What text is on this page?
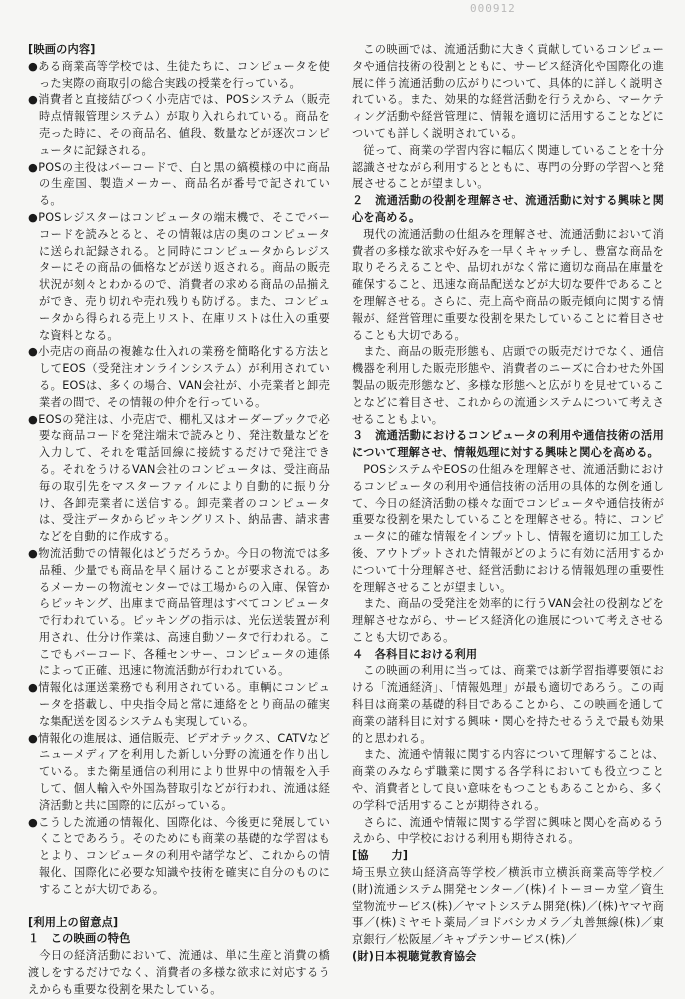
000912

[映画の内容]

●ある商業高等学校では、生徒たちに、コンピュータを使った実際の商取引の総合実践の授業を行っている。

●消費者と直接結びつく小売店では、POSシステム（販売時点情報管理システム）が取り入れられている。商品を売った時に、その商品名、値段、数量などが逐次コンピュータに記録される。

●POSの主役はバーコードで、白と黒の縞模様の中に商品の生産国、製造メーカー、商品名が番号で記されている。

●POSレジスターはコンピュータの端末機で、そこでバーコードを読みとると、その情報は店の奥のコンピュータに送られ記録される。と同時にコンピュータからレジスターにその商品の価格などが送り返される。商品の販売状況が刻々とわかるので、消費者の求める商品の品揃えができ、売り切れや売れ残りも防げる。また、コンピュータから得られる売上リスト、在庫リストは仕入の重要な資料となる。

●小売店の商品の複雑な仕入れの業務を簡略化する方法としてEOS（受発注オンラインシステム）が利用されている。EOSは、多くの場合、VAN会社が、小売業者と卸売業者の間で、その情報の仲介を行っている。

●EOSの発注は、小売店で、棚札又はオーダーブックで必要な商品コードを発注端末で読みとり、発注数量などを入力して、それを電話回線に接続するだけで発注できる。それをうけるVAN会社のコンピュータは、受注商品毎の取引先をマスターファイルにより自動的に振り分け、各卸売業者に送信する。卸売業者のコンピュータは、受注データからピッキングリスト、納品書、請求書などを自動的に作成する。

●物流活動での情報化はどうだろうか。今日の物流では多品種、少量でも商品を早く届けることが要求される。あるメーカーの物流センターでは工場からの入庫、保管からピッキング、出庫まで商品管理はすべてコンピュータで行われている。ピッキングの指示は、光伝送装置が利用され、仕分け作業は、高速自動ソータで行われる。ここでもバーコード、各種センサー、コンピュータの連係によって正確、迅速に物流活動が行われている。

●情報化は運送業務でも利用されている。車輌にコンピュータを搭載し、中央指令局と常に連絡をとり商品の確実な集配送を図るシステムも実現している。

●情報化の進展は、通信販売、ビデオテックス、CATVなどニューメディアを利用した新しい分野の流通を作り出している。また衛星通信の利用により世界中の情報を入手して、個人輸入や外国為替取引などが行われ、流通は経済活動と共に国際的に広がっている。

●こうした流通の情報化、国際化は、今後更に発展していくことであろう。そのためにも商業の基礎的な学習はもとより、コンピュータの利用や諸学など、これからの情報化、国際化に必要な知識や技術を確実に自分のものにすることが大切である。

[利用上の留意点]

１　この映画の特色

今日の経済活動において、流通は、単に生産と消費の橋渡しをするだけでなく、消費者の多様な欲求に対応するうえからも重要な役割を果たしている。

この映画では、流通活動に大きく貢献しているコンピュータや通信技術の役割とともに、サービス経済化や国際化の進展に伴う流通活動の広がりについて、具体的に詳しく説明されている。また、効果的な経営活動を行うえから、マーケティング活動や経営管理に、情報を適切に活用することなどについても詳しく説明されている。

従って、商業の学習内容に幅広く関連していることを十分認識させながら利用するとともに、専門の分野の学習へと発展させることが望ましい。

２　流通活動の役割を理解させ、流通活動に対する興味と関心を高める。

現代の流通活動の仕組みを理解させ、流通活動において消費者の多様な欲求や好みを一早くキャッチし、豊富な商品を取りそろえることや、品切れがなく常に適切な商品在庫量を確保すること、迅速な商品配送などが大切な要件であることを理解させる。さらに、売上高や商品の販売傾向に関する情報が、経営管理に重要な役割を果たしていることに着目させることも大切である。

また、商品の販売形態も、店頭での販売だけでなく、通信機器を利用した販売形態や、消費者のニーズに合わせた外国製品の販売形態など、多様な形態へと広がりを見せていることなどに着目させ、これからの流通システムについて考えさせることもよい。

３　流通活動におけるコンピュータの利用や通信技術の活用について理解させ、情報処理に対する興味と関心を高める。

POSシステムやEOSの仕組みを理解させ、流通活動におけるコンピュータの利用や通信技術の活用の具体的な例を通して、今日の経済活動の様々な面でコンピュータや通信技術が重要な役割を果たしていることを理解させる。特に、コンピュータに的確な情報をインプットし、情報を適切に加工した後、アウトプットされた情報がどのように有効に活用するかについて十分理解させ、経営活動における情報処理の重要性を理解させることが望ましい。

また、商品の受発注を効率的に行うVAN会社の役割などを理解させながら、サービス経済化の進展について考えさせることも大切である。

４　各科目における利用

この映画の利用に当っては、商業では新学習指導要領における「流通経済」、「情報処理」が最も適切であろう。この両科目は商業の基礎的科目であることから、この映画を通して商業の諸科目に対する興味・関心を持たせるうえで最も効果的と思われる。

また、流通や情報に関する内容について理解することは、商業のみならず職業に関する各学科においても役立つことや、消費者として良い意味をもつこともあることから、多くの学科で活用することが期待される。

さらに、流通や情報に関する学習に興味と関心を高めるうえから、中学校における利用も期待される。

[協　　力]

埼玉県立狭山経済高等学校／横浜市立横浜商業高等学校／(財)流通システム開発センター／(株)イトーヨーカ堂／資生堂物流サービス(株)／ヤマトシステム開発(株)／(株)ヤマヤ商事／(株)ミヤモト薬局／ヨドバシカメラ／丸善無線(株)／東京銀行／松阪屋／キャプテンサービス(株)／

(財)日本視聴覚教育協会
